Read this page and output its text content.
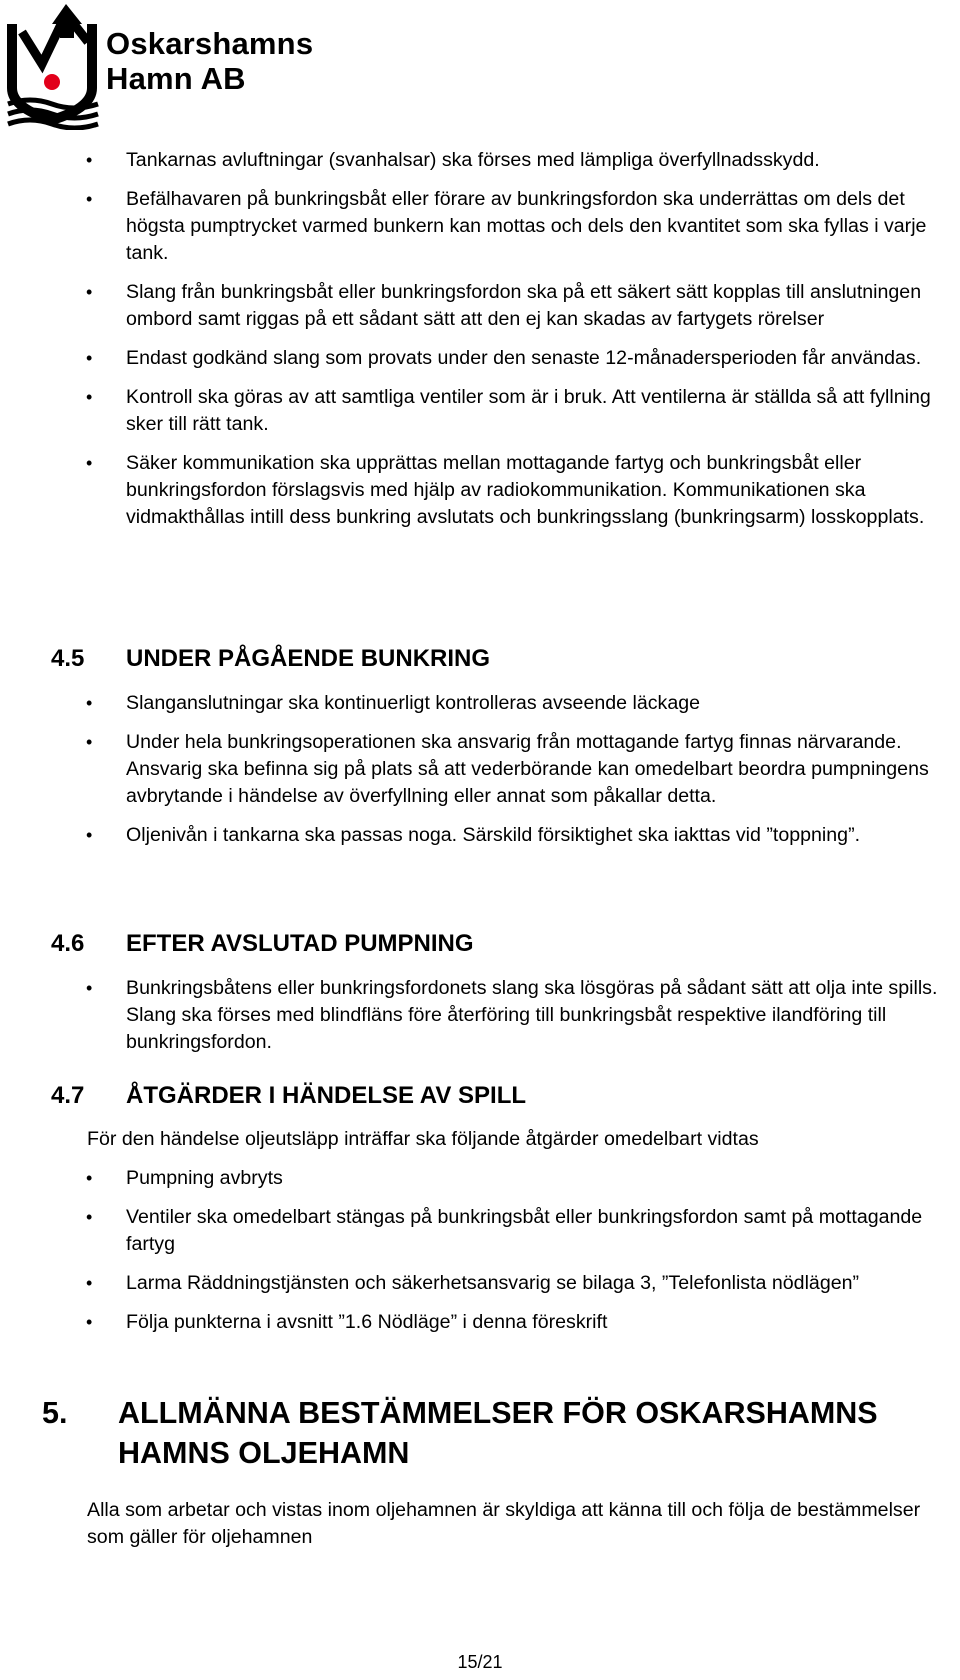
Oskarshamns
Hamn AB
• Tankarnas avluftningar (svanhalsar) ska förses med lämpliga överfyllnadsskydd.
• Befälhavaren på bunkringsbåt eller förare av bunkringsfordon ska underrättas om dels det högsta pumptrycket varmed bunkern kan mottas och dels den kvantitet som ska fyllas i varje tank.
• Slang från bunkringsbåt eller bunkringsfordon ska på ett säkert sätt kopplas till anslutningen ombord samt riggas på ett sådant sätt att den ej kan skadas av fartygets rörelser
• Endast godkänd slang som provats under den senaste 12-månadersperioden får användas.
• Kontroll ska göras av att samtliga ventiler som är i bruk. Att ventilerna är ställda så att fyllning sker till rätt tank.
• Säker kommunikation ska upprättas mellan mottagande fartyg och bunkringsbåt eller bunkringsfordon förslagsvis med hjälp av radiokommunikation. Kommunikationen ska vidmakthållas intill dess bunkring avslutats och bunkringsslang (bunkringsarm) losskopplats.
4.5 UNDER PÅGÅENDE BUNKRING
• Slanganslutningar ska kontinuerligt kontrolleras avseende läckage
• Under hela bunkringsoperationen ska ansvarig från mottagande fartyg finnas närvarande. Ansvarig ska befinna sig på plats så att vederbörande kan omedelbart beordra pumpningens avbrytande i händelse av överfyllning eller annat som påkallar detta.
• Oljenivån i tankarna ska passas noga. Särskild försiktighet ska iakttas vid ”toppning”.
4.6 EFTER AVSLUTAD PUMPNING
• Bunkringsbåtens eller bunkringsfordonets slang ska lösgöras på sådant sätt att olja inte spills. Slang ska förses med blindfläns före återföring till bunkringsbåt respektive ilandföring till bunkringsfordon.
4.7 ÅTGÄRDER I HÄNDELSE AV SPILL
För den händelse oljeutsläpp inträffar ska följande åtgärder omedelbart vidtas
• Pumpning avbryts
• Ventiler ska omedelbart stängas på bunkringsbåt eller bunkringsfordon samt på mottagande fartyg
• Larma Räddningstjänsten och säkerhetsansvarig se bilaga 3, ”Telefonlista nödlägen”
• Följa punkterna i avsnitt ”1.6 Nödläge” i denna föreskrift
5. ALLMÄNNA BESTÄMMELSER FÖR OSKARSHAMNS HAMNS OLJEHAMN
Alla som arbetar och vistas inom oljehamnen är skyldiga att känna till och följa de bestämmelser som gäller för oljehamnen
15/21
